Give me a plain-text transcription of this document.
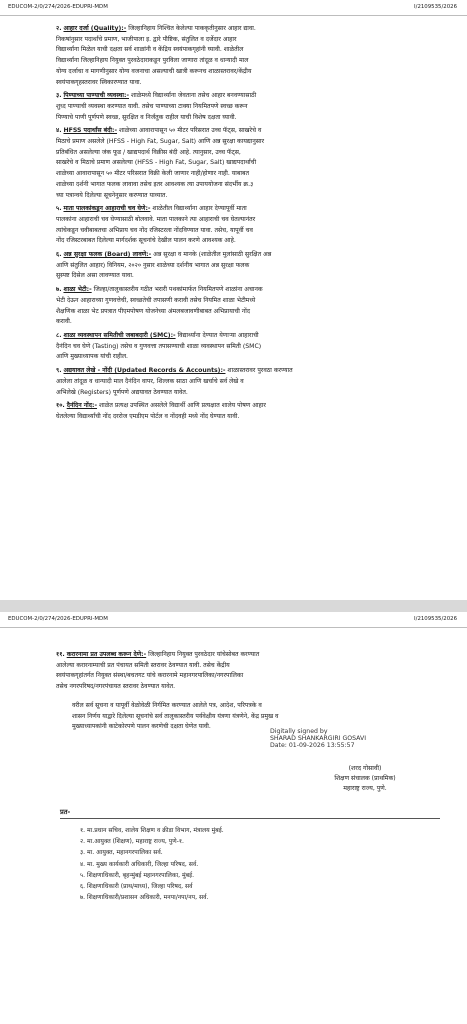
EDUCOM-2/0/274/2026-EDUPRI-MDM	I/2109535/2026
२. आहार दर्जा (Quality):- जिल्हानिहाय निश्चित केलेल्या पाककृतीनुसार आहार द्यावा.
निकषांनुसार पदार्थांचे प्रमाण, भाजीपाला इ. द्वारे पौष्टिक, संतुलित व दर्जेदार आहार
विद्यार्थ्यांना मिळेल याची दक्षता सर्व शाळांनी व केंद्रिय स्वयंपाकगृहांनी घ्यावी. शाळेतील
विद्यार्थ्यांना जिल्हानिहाय नियुक्त पुरवठेदाराकडून पुरविला जाणारा तांदूळ व धान्यादी माल
योग्य दर्जाचा व मागणीनुसार योग्य वजनाचा असल्याची खात्री करूनच शाळास्तरावर/केंद्रीय
स्वयंपाकगृहस्तरावर स्विकारण्यात यावा.
३. पिण्याच्या पाण्याची व्यवस्था:- शाळेमध्ये विद्यार्थ्यांना जेवताना तसेच आहार बनवण्यासाठी
शुध्द पाण्याची व्यवस्था करण्यात यावी. तसेच पाण्याच्या टाक्या नियमितपणे स्वच्छ करून
पिण्याचे पाणी पूर्णपणे स्वच्छ, सुरक्षित व निर्जंतुक राहील याची विशेष दक्षता घ्यावी.
४. HFSS पदार्थांस बंदी:- शाळेच्या आवारापासून ५० मीटर परिसरात उच्च फॅट्स, साखरेचे व
मिठाचे प्रमाण असलेले (HFSS - High Fat, Sugar, Salt) आणि अन्न सुरक्षा कायद्यानुसार
प्रतिबंधित असलेल्या जंक फूड / खाद्यपदार्थ विक्रीस बंदी आहे. त्यानुसार, उच्च फॅट्स,
साखरेचे व मिठाचे प्रमाण असलेल्या (HFSS - High Fat, Sugar, Salt) खाद्यपदार्थांची
शाळेच्या आवारापासून ५० मीटर परिसरात विक्री केली जाणार नाही/होणार नाही. याबाबत
शाळेच्या दर्शनी भागात फलक लावावा तसेच इतर आवश्यक त्या उपाययोजना संदर्भीय क्र.३
च्या पत्रान्वये दिलेल्या सूचनेनुसार करण्यात याव्यात.
५. माता पालकांकडून आहाराची चव घेणे:- शाळेतील विद्यार्थ्यांना आहार देण्यापूर्वी माता
पालकांना आहाराची चव घेण्यासाठी बोलवावे. माता पालकाने त्या आहाराची चव घेतल्यानंतर
त्यांचेकडून चवीबाबतचा अभिप्राय चव नोंद रजिस्टरला नोंदविण्यात यावा. तसेच, यापूर्वी चव
नोंद रजिस्टरबाबत दिलेल्या मार्गदर्शक सूचनांचे देखील पालन करणे आवश्यक आहे.
६. अन्न सुरक्षा फलक (Board) लावणे:- अन्न सुरक्षा व मानके (शाळेतील मुलांसाठी सुरक्षित अन्न
आणि संतुलित आहार) विनियम, २०२० नुसार शाळेच्या दर्शनीय भागात अन्न सुरक्षा फलक
सुस्पष्ट दिसेल असा लावण्यात यावा.
७. शाळा भेटी:- जिल्हा/तालुकास्तरीय गठीत भरारी पथकांमार्फत नियमितपणे शाळांना अचानक
भेटी देऊन आहाराच्या गुणवत्तेची, स्वच्छतेची तपासणी करावी तसेच नियमित शाळा भेटीमध्ये
शैक्षणिक शाळा भेट प्रपत्रात पीएमपोषण योजनेच्या अंमलबजावणीबाबत अभिप्रायाची नोंद
करावी.
८. शाळा व्यवस्थापन समितीची जबाबदारी (SMC):- विद्यार्थ्यांना देण्यात येणाऱ्या आहाराची
दैनंदिन चव घेणे (Tasting) तसेच व गुणवत्ता तपासण्याची शाळा व्यवस्थापन समिती (SMC)
आणि मुख्याध्यापक यांची राहील.
९. अद्ययावत लेखे - नोंदी (Updated Records & Accounts):- शाळास्तरावर पुरवठा करण्यात
आलेला तांदूळ व धान्यादी माल दैनंदिन वापर, शिल्लक साठा आणि खर्चाचे सर्व लेखे व
अभिलेखे (Registers) पूर्णपणे अद्ययावत ठेवण्यात यावेत.
१०. दैनंदिन नोंद:- शाळेत प्रत्यक्ष उपस्थित असलेले विद्यार्थी आणि प्रत्यक्षात शालेय पोषण आहार
घेतलेल्या विद्यार्थ्यांची नोंद दररोज एमडीएम पोर्टल व नोंदवही मध्ये नोंद घेण्यात यावी.
EDUCOM-2/0/274/2026-EDUPRI-MDM	I/2109535/2026
११. करारनामा प्रत उपलब्ध करून देणे:- जिल्हानिहाय नियुक्त पुरवठेदार यांचेसोबत करण्यात
आलेल्या करारनाम्याची प्रत पंचायत समिती स्तरावर ठेवण्यात यावी. तसेच केंद्रीय
स्वयंपाकगृहांतर्गत नियुक्त संस्था/बचतगट यांचे करारनामे महानगरपालिका/नगरपालिका
तसेच नगरपरिषद/नगरपंचायत स्तरावर ठेवण्यात यावेत.
वरील सर्व सूचना व यापूर्वी वेळोवेळी निर्गमित करण्यात आलेले पत्र, आदेश, परिपत्रके व
शासन निर्णय याद्वारे दिलेल्या सूचनांचे सर्व तालुकास्तरीय पर्यवेक्षीय यंत्रणा यंत्रणेने, केंद्र प्रमुख व
मुख्याध्यापकांनी काटेकोरपणे पालन करणेची दक्षता घेणेत यावी.
Digitally signed by
SHARAD SHANKARGIRI GOSAVI
Date: 01-09-2026 13:55:57
(शरद गोसावी)
शिक्षण संचालक (प्राथमिक)
महाराष्ट्र राज्य, पुणे.
प्रत-
१. मा.प्रधान सचिव, शालेय शिक्षण व क्रीडा विभाग, मंत्रालय मुंबई.
२. मा.आयुक्त (शिक्षण), महाराष्ट्र राज्य, पुणे-१.
३. मा. आयुक्त, महानगरपालिका सर्व.
४. मा. मुख्य कार्यकारी अधिकारी, जिल्हा परिषद, सर्व.
५. शिक्षणाधिकारी, बृहन्मुंबई महानगरपालिका, मुंबई.
६. शिक्षणाधिकारी (प्राथ/माध्य), जिल्हा परिषद, सर्व
७. शिक्षणाधिकारी/प्रशासन अधिकारी, मनपा/नपा/नप, सर्व.
